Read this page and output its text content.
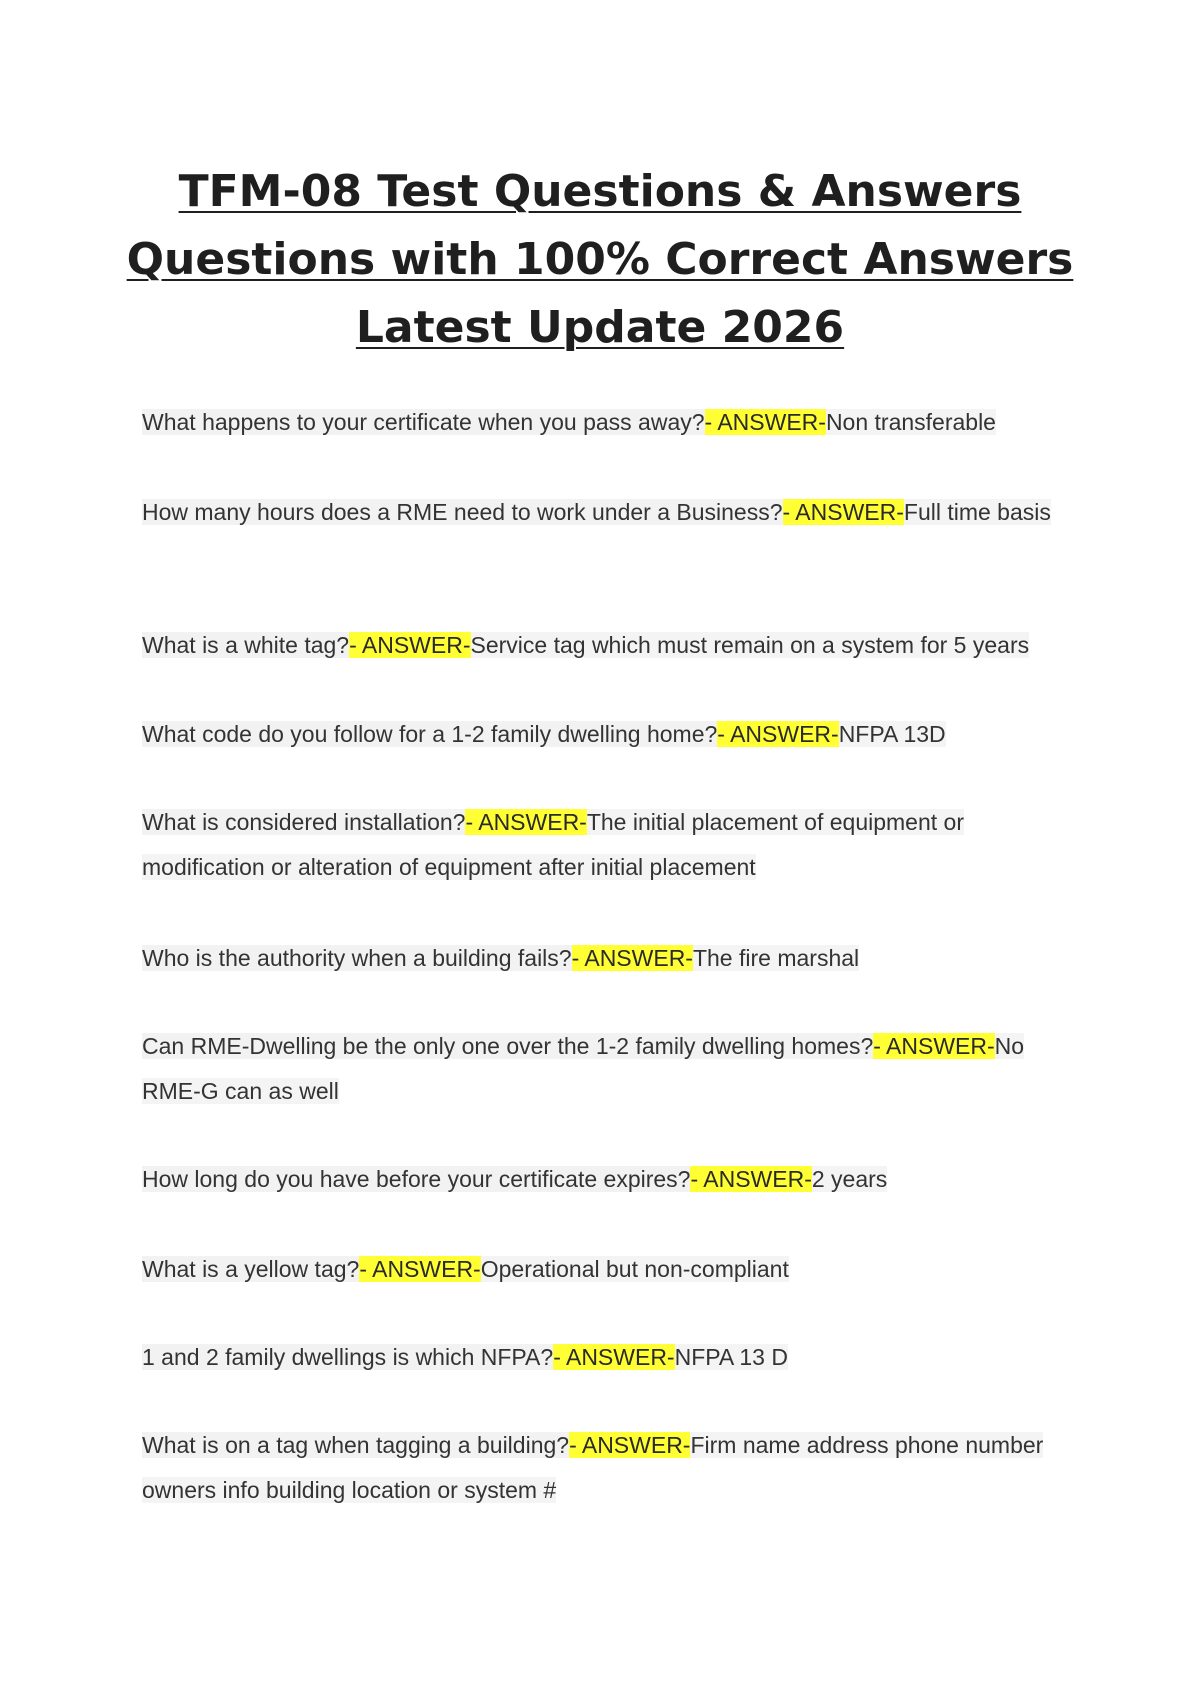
TFM-08 Test Questions & Answers
Questions with 100% Correct Answers
Latest Update 2026

What happens to your certificate when you pass away?- ANSWER-Non transferable

How many hours does a RME need to work under a Business?- ANSWER-Full time basis

What is a white tag?- ANSWER-Service tag which must remain on a system for 5 years

What code do you follow for a 1-2 family dwelling home?- ANSWER-NFPA 13D

What is considered installation?- ANSWER-The initial placement of equipment or modification or alteration of equipment after initial placement

Who is the authority when a building fails?- ANSWER-The fire marshal

Can RME-Dwelling be the only one over the 1-2 family dwelling homes?- ANSWER-No RME-G can as well

How long do you have before your certificate expires?- ANSWER-2 years

What is a yellow tag?- ANSWER-Operational but non-compliant

1 and 2 family dwellings is which NFPA?- ANSWER-NFPA 13 D

What is on a tag when tagging a building?- ANSWER-Firm name address phone number owners info building location or system #
